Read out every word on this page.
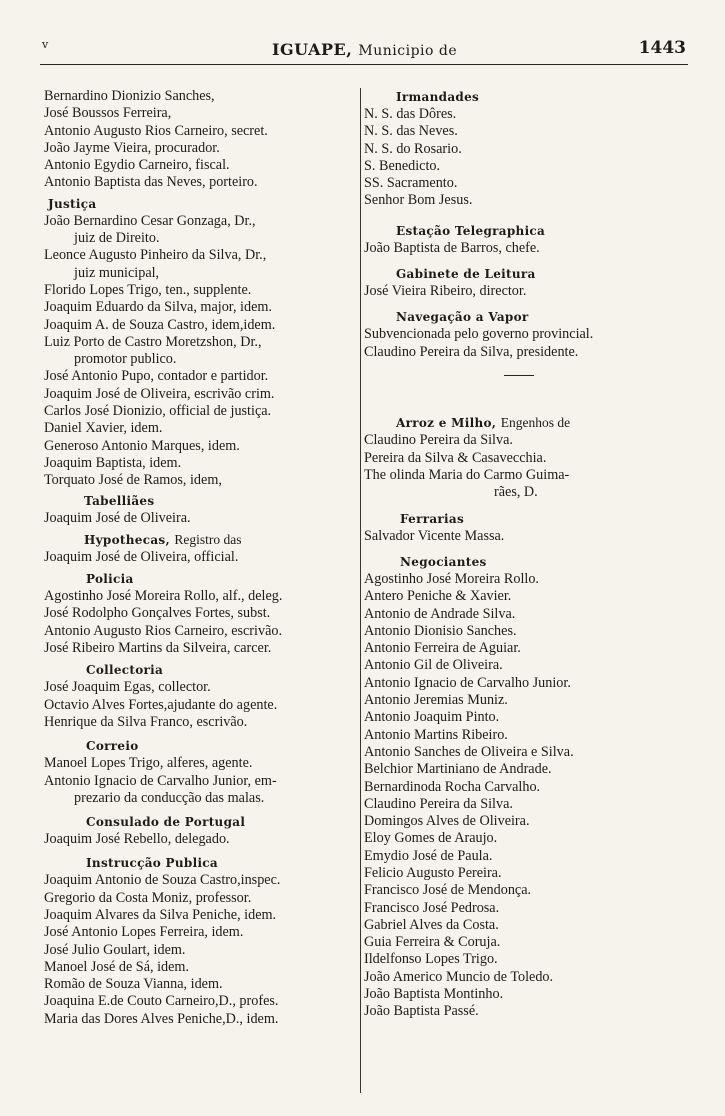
v	IGUAPE, Municipio de	1443
Bernardino Dionizio Sanches,
José Boussos Ferreira,
Antonio Augusto Rios Carneiro, secret.
João Jayme Vieira, procurador.
Antonio Egydio Carneiro, fiscal.
Antonio Baptista das Neves, porteiro.
Justiça
João Bernardino Cesar Gonzaga, Dr.,
juiz de Direito.
Leonce Augusto Pinheiro da Silva, Dr.,
juiz municipal,
Florido Lopes Trigo, ten., supplente.
Joaquim Eduardo da Silva, major, idem.
Joaquim A. de Souza Castro, idem,idem.
Luiz Porto de Castro Moretzshon, Dr.,
promotor publico.
José Antonio Pupo, contador e partidor.
Joaquim José de Oliveira, escrivão crim.
Carlos José Dionizio, official de justiça.
Daniel Xavier, idem.
Generoso Antonio Marques, idem.
Joaquim Baptista, idem.
Torquato José de Ramos, idem,
Tabelliães
Joaquim José de Oliveira.
Hypothecas, Registro das
Joaquim José de Oliveira, official.
Policia
Agostinho José Moreira Rollo, alf., deleg.
José Rodolpho Gonçalves Fortes, subst.
Antonio Augusto Rios Carneiro, escrivão.
José Ribeiro Martins da Silveira, carcer.
Collectoria
José Joaquim Egas, collector.
Octavio Alves Fortes,ajudante do agente.
Henrique da Silva Franco, escrivão.
Correio
Manoel Lopes Trigo, alferes, agente.
Antonio Ignacio de Carvalho Junior, em-
prezario da conducção das malas.
Consulado de Portugal
Joaquim José Rebello, delegado.
Instrucção Publica
Joaquim Antonio de Souza Castro,inspec.
Gregorio da Costa Moniz, professor.
Joaquim Alvares da Silva Peniche, idem.
José Antonio Lopes Ferreira, idem.
José Julio Goulart, idem.
Manoel José de Sá, idem.
Romão de Souza Vianna, idem.
Joaquina E.de Couto Carneiro,D., profes.
Maria das Dores Alves Peniche,D., idem.
Irmandades
N. S. das Dôres.
N. S. das Neves.
N. S. do Rosario.
S. Benedicto.
SS. Sacramento.
Senhor Bom Jesus.
Estação Telegraphica
João Baptista de Barros, chefe.
Gabinete de Leitura
José Vieira Ribeiro, director.
Navegação a Vapor
Subvencionada pelo governo provincial.
Claudino Pereira da Silva, presidente.
Arroz e Milho, Engenhos de
Claudino Pereira da Silva.
Pereira da Silva & Casavecchia.
The olinda Maria do Carmo Guima-
rães, D.
Ferrarias
Salvador Vicente Massa.
Negociantes
Agostinho José Moreira Rollo.
Antero Peniche & Xavier.
Antonio de Andrade Silva.
Antonio Dionisio Sanches.
Antonio Ferreira de Aguiar.
Antonio Gil de Oliveira.
Antonio Ignacio de Carvalho Junior.
Antonio Jeremias Muniz.
Antonio Joaquim Pinto.
Antonio Martins Ribeiro.
Antonio Sanches de Oliveira e Silva.
Belchior Martiniano de Andrade.
Bernardinoda Rocha Carvalho.
Claudino Pereira da Silva.
Domingos Alves de Oliveira.
Eloy Gomes de Araujo.
Emydio José de Paula.
Felicio Augusto Pereira.
Francisco José de Mendonça.
Francisco José Pedrosa.
Gabriel Alves da Costa.
Guia Ferreira & Coruja.
Ildelfonso Lopes Trigo.
João Americo Muncio de Toledo.
João Baptista Montinho.
João Baptista Passé.
